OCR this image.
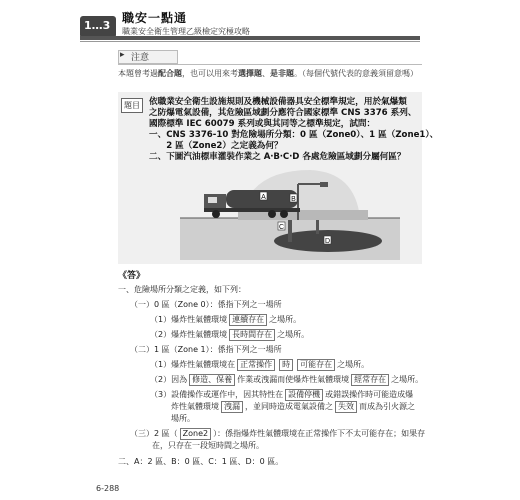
1…3
職安一點通
職業安全衛生管理乙級檢定究極攻略
▸ 注意
本題曾考過配合題，也可以用來考選擇題、是非題。（每個代號代表的意義須留意嗎）
題目	依職業安全衛生設施規則及機械設備器具安全標準規定，用於氣爆類
之防爆電氣設備，其危險區域劃分應符合國家標準 CNS 3376 系列、
國際標準 IEC 60079 系列或與其同等之標準規定，試問：
一、CNS 3376-10 對危險場所分類：0 區（Zone0）、1 區（Zone1）、
　　2 區（Zone2）之定義為何？
二、下圖汽油標車灌裝作業之 A‧B‧C‧D 各處危險區域劃分屬何區？
A	B
C
D
《答》
一、危險場所分類之定義，如下列：
（一）0 區（Zone 0）：係指下列之一場所
（1）爆炸性氣體環境 連續存在 之場所。
（2）爆炸性氣體環境 長時間存在 之場所。
（二）1 區（Zone 1）：係指下列之一場所
（1）爆炸性氣體環境在 正常操作 時 可能存在 之場所。
（2）因為 修造、保養 作業或洩漏而使爆炸性氣體環境 經常存在 之場所。
（3）設備操作或運作中，因其特性在 設備停機 或錯誤操作時可能造成爆
炸性氣體環境 洩漏 ，並同時造成電氣設備之 失效 而成為引火源之
場所。
（三）2 區（ Zone2 ）：係指爆炸性氣體環境在正常操作下不太可能存在；如果存
在，只存在一段短時間之場所。
二、A：2 區、B：0 區、C：1 區、D：0 區。
6-288
